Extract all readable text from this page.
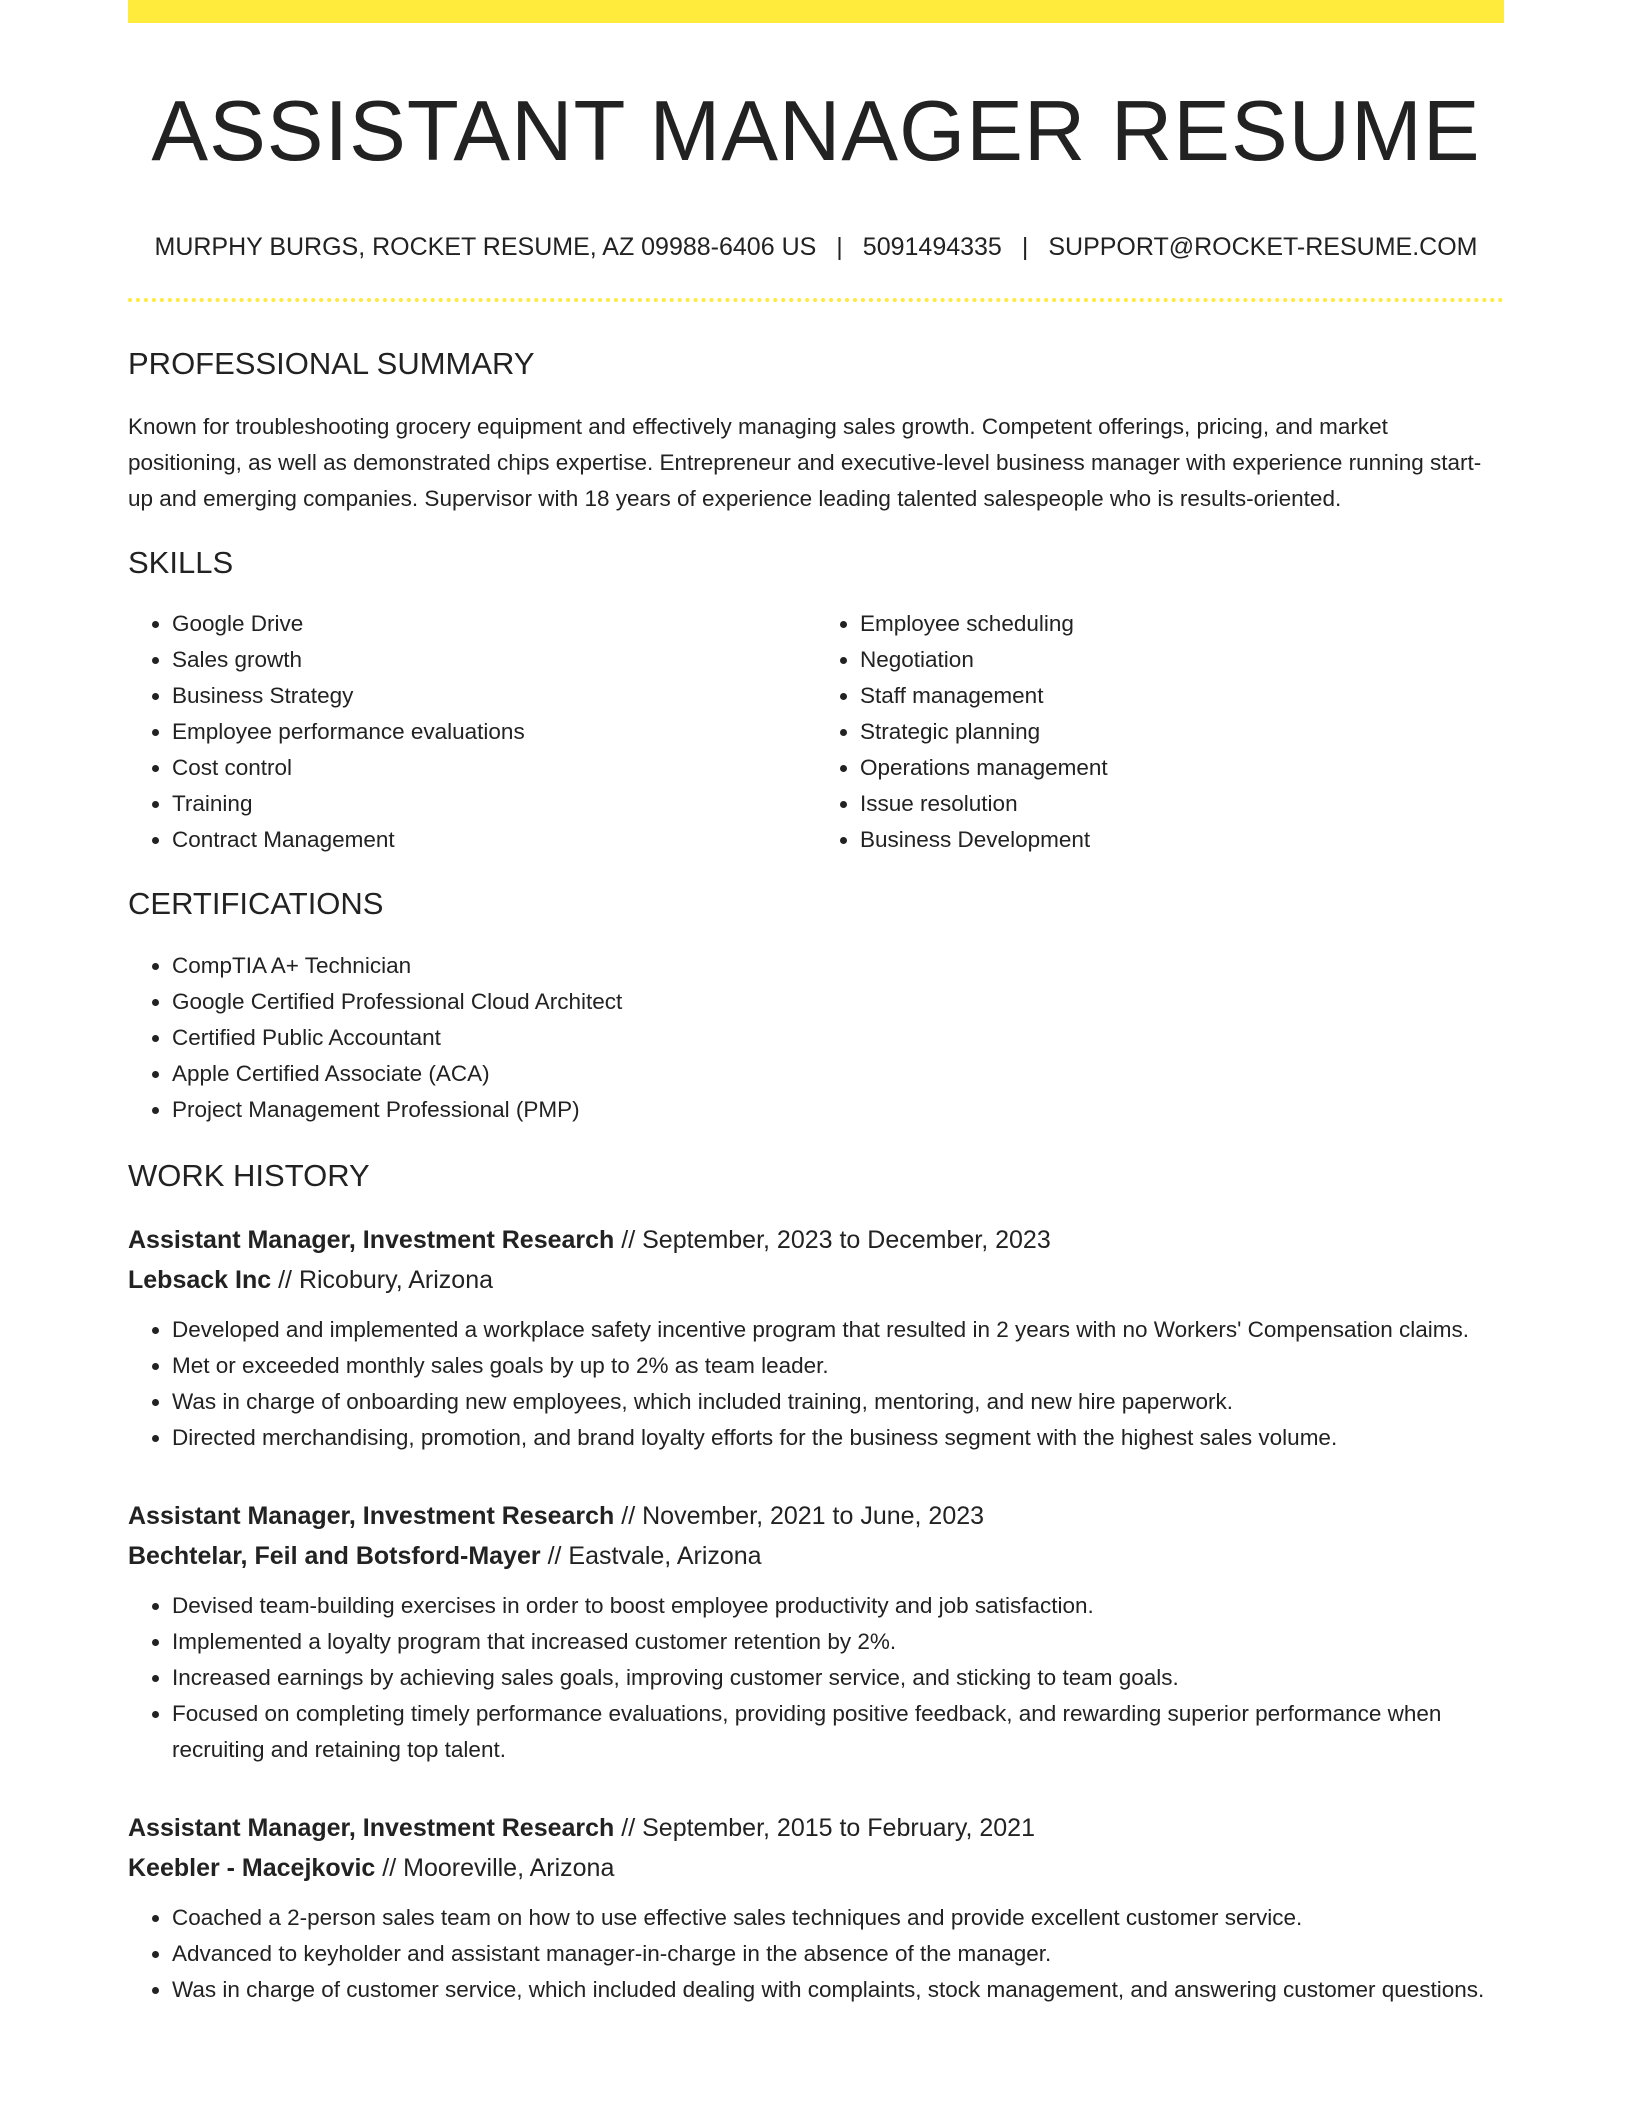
ASSISTANT MANAGER RESUME
MURPHY BURGS, ROCKET RESUME, AZ 09988-6406 US | 5091494335 | SUPPORT@ROCKET-RESUME.COM
PROFESSIONAL SUMMARY

Known for troubleshooting grocery equipment and effectively managing sales growth. Competent offerings, pricing, and market positioning, as well as demonstrated chips expertise. Entrepreneur and executive-level business manager with experience running start-up and emerging companies. Supervisor with 18 years of experience leading talented salespeople who is results-oriented.

SKILLS
• Google Drive
• Sales growth
• Business Strategy
• Employee performance evaluations
• Cost control
• Training
• Contract Management
• Employee scheduling
• Negotiation
• Staff management
• Strategic planning
• Operations management
• Issue resolution
• Business Development
CERTIFICATIONS
• CompTIA A+ Technician
• Google Certified Professional Cloud Architect
• Certified Public Accountant
• Apple Certified Associate (ACA)
• Project Management Professional (PMP)
WORK HISTORY
Assistant Manager, Investment Research // September, 2023 to December, 2023
Lebsack Inc // Ricobury, Arizona
• Developed and implemented a workplace safety incentive program that resulted in 2 years with no Workers' Compensation claims.
• Met or exceeded monthly sales goals by up to 2% as team leader.
• Was in charge of onboarding new employees, which included training, mentoring, and new hire paperwork.
• Directed merchandising, promotion, and brand loyalty efforts for the business segment with the highest sales volume.
Assistant Manager, Investment Research // November, 2021 to June, 2023
Bechtelar, Feil and Botsford-Mayer // Eastvale, Arizona
• Devised team-building exercises in order to boost employee productivity and job satisfaction.
• Implemented a loyalty program that increased customer retention by 2%.
• Increased earnings by achieving sales goals, improving customer service, and sticking to team goals.
• Focused on completing timely performance evaluations, providing positive feedback, and rewarding superior performance when recruiting and retaining top talent.
Assistant Manager, Investment Research // September, 2015 to February, 2021
Keebler - Macejkovic // Mooreville, Arizona
• Coached a 2-person sales team on how to use effective sales techniques and provide excellent customer service.
• Advanced to keyholder and assistant manager-in-charge in the absence of the manager.
• Was in charge of customer service, which included dealing with complaints, stock management, and answering customer questions.
